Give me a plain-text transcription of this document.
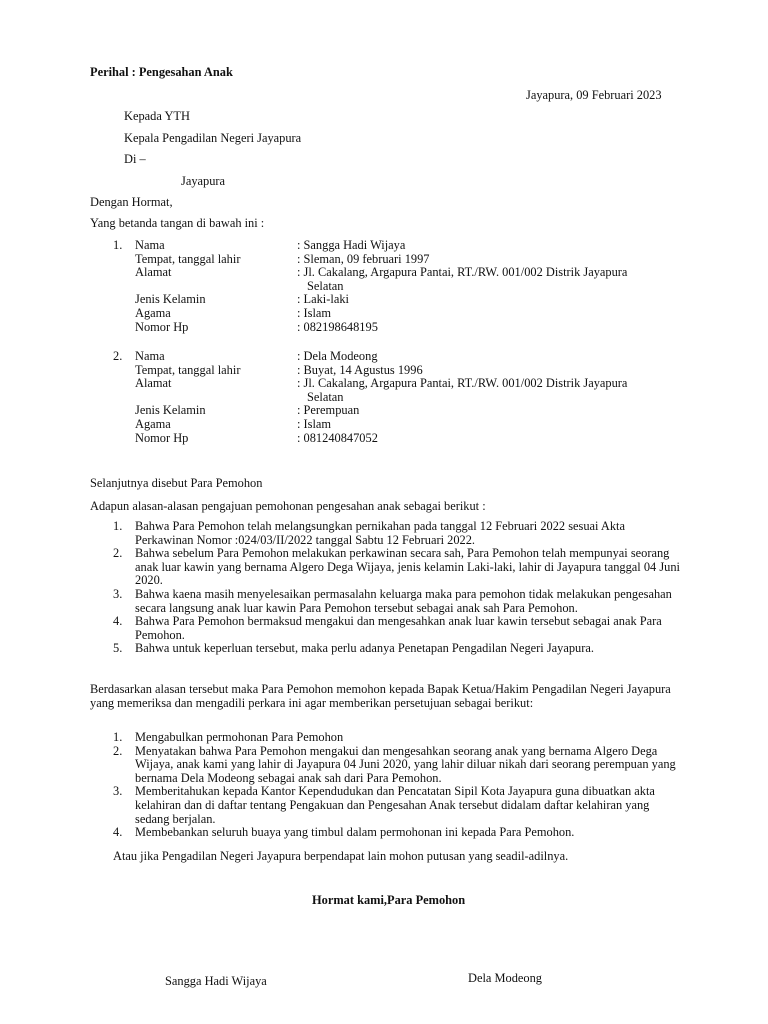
Perihal : Pengesahan Anak
Jayapura, 09 Februari 2023
Kepada YTH
Kepala Pengadilan Negeri Jayapura
Di –
Jayapura
Dengan Hormat,
Yang betanda tangan di bawah ini :
1.	Nama	: Sangga Hadi Wijaya
Tempat, tanggal lahir	: Sleman, 09 februari 1997
Alamat	: Jl. Cakalang, Argapura Pantai, RT./RW. 001/002 Distrik Jayapura
Selatan
Jenis Kelamin	: Laki-laki
Agama	: Islam
Nomor Hp	: 082198648195
2.	Nama	: Dela Modeong
Tempat, tanggal lahir	: Buyat, 14 Agustus 1996
Alamat	: Jl. Cakalang, Argapura Pantai, RT./RW. 001/002 Distrik Jayapura
Selatan
Jenis Kelamin	: Perempuan
Agama	: Islam
Nomor Hp	: 081240847052
Selanjutnya disebut Para Pemohon
Adapun alasan-alasan pengajuan pemohonan pengesahan anak sebagai berikut :
1.	Bahwa Para Pemohon telah melangsungkan pernikahan pada tanggal 12 Februari 2022 sesuai Akta Perkawinan Nomor :024/03/II/2022 tanggal Sabtu 12 Februari 2022.
2.	Bahwa sebelum Para Pemohon melakukan perkawinan secara sah, Para Pemohon telah mempunyai seorang anak luar kawin yang bernama Algero Dega Wijaya, jenis kelamin Laki-laki, lahir di Jayapura tanggal 04 Juni 2020.
3.	Bahwa kaena masih menyelesaikan permasalahn keluarga maka para pemohon tidak melakukan pengesahan secara langsung anak luar kawin Para Pemohon tersebut sebagai anak sah Para Pemohon.
4.	Bahwa Para Pemohon bermaksud mengakui dan mengesahkan anak luar kawin tersebut sebagai anak Para Pemohon.
5.	Bahwa untuk keperluan tersebut, maka perlu adanya Penetapan Pengadilan Negeri Jayapura.
Berdasarkan alasan tersebut maka Para Pemohon memohon kepada Bapak Ketua/Hakim Pengadilan Negeri Jayapura yang memeriksa dan mengadili perkara ini agar memberikan persetujuan sebagai berikut:
1.	Mengabulkan permohonan Para Pemohon
2.	Menyatakan bahwa Para Pemohon mengakui dan mengesahkan seorang anak yang bernama Algero Dega Wijaya, anak kami yang lahir di Jayapura 04 Juni 2020, yang lahir diluar nikah dari seorang perempuan yang bernama Dela Modeong sebagai anak sah dari Para Pemohon.
3.	Memberitahukan kepada Kantor Kependudukan dan Pencatatan Sipil Kota Jayapura guna dibuatkan akta kelahiran dan di daftar tentang Pengakuan dan Pengesahan Anak tersebut didalam daftar kelahiran yang sedang berjalan.
4.	Membebankan seluruh buaya yang timbul dalam permohonan ini kepada Para Pemohon.
Atau jika Pengadilan Negeri Jayapura berpendapat lain mohon putusan yang seadil-adilnya.
Hormat kami,Para Pemohon
Sangga Hadi Wijaya	Dela Modeong
